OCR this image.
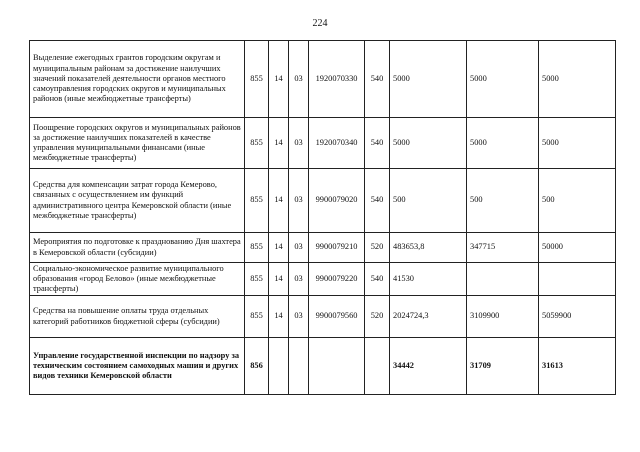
224
Выделение ежегодных грантов городским округам и муниципальным районам за достижение наилучших значений показателей деятельности органов местного самоуправления городских округов и муниципальных районов (иные межбюджетные трансферты)	855	14	03	1920070330	540	5000	5000	5000
Поощрение городских округов и муниципальных районов за достижение наилучших показателей в качестве управления муниципальными финансами (иные межбюджетные трансферты)	855	14	03	1920070340	540	5000	5000	5000
Средства для компенсации затрат города Кемерово, связанных с осуществлением им функций административного центра Кемеровской области (иные межбюджетные трансферты)	855	14	03	9900079020	540	500	500	500
Мероприятия по подготовке к празднованию Дня шахтера в Кемеровской области (субсидии)	855	14	03	9900079210	520	483653,8	347715	50000
Социально-экономическое развитие муниципального образования «город Белово» (иные межбюджетные трансферты)	855	14	03	9900079220	540	41530		
Средства на повышение оплаты труда отдельных категорий работников бюджетной сферы (субсидии)	855	14	03	9900079560	520	2024724,3	3109900	5059900
Управление государственной инспекции по надзору за техническим состоянием самоходных машин и других видов техники Кемеровской области	856					34442	31709	31613
